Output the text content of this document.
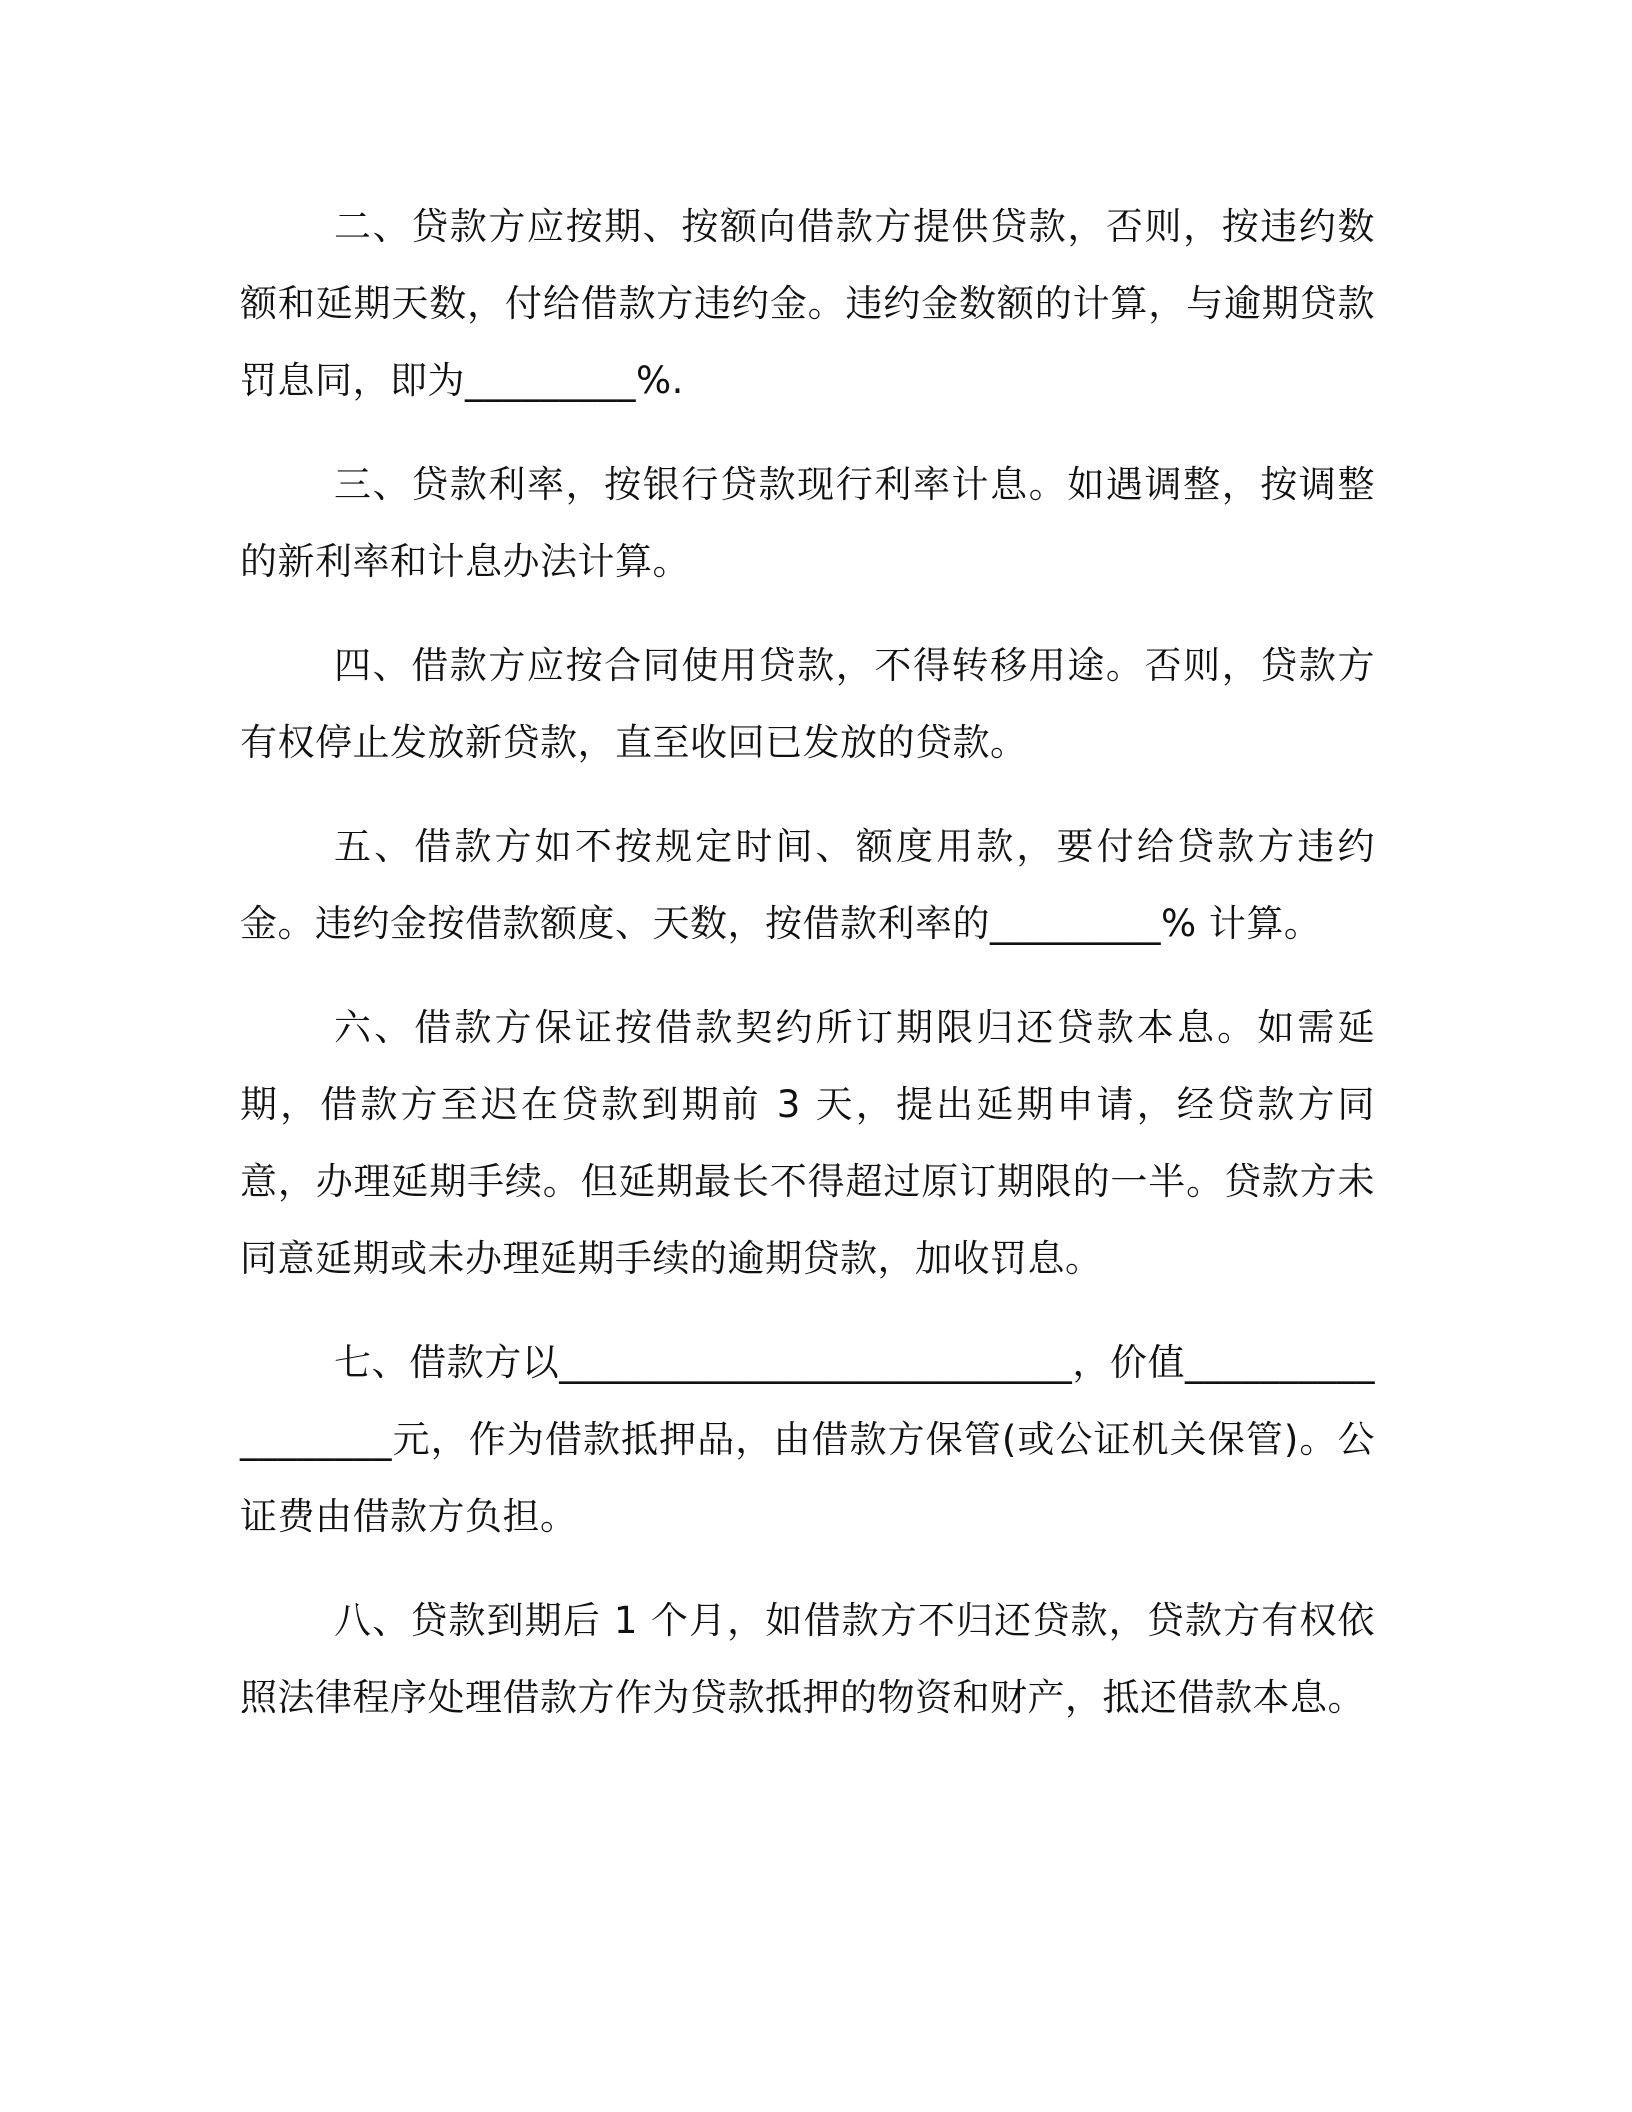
二、贷款方应按期、按额向借款方提供贷款，否则，按违约数额和延期天数，付给借款方违约金。违约金数额的计算，与逾期贷款罚息同，即为_________%.

三、贷款利率，按银行贷款现行利率计息。如遇调整，按调整的新利率和计息办法计算。

四、借款方应按合同使用贷款，不得转移用途。否则，贷款方有权停止发放新贷款，直至收回已发放的贷款。

五、借款方如不按规定时间、额度用款，要付给贷款方违约金。违约金按借款额度、天数，按借款利率的_________% 计算。

六、借款方保证按借款契约所订期限归还贷款本息。如需延期，借款方至迟在贷款到期前 3 天，提出延期申请，经贷款方同意，办理延期手续。但延期最长不得超过原订期限的一半。贷款方未同意延期或未办理延期手续的逾期贷款，加收罚息。

七、借款方以___________________________，价值__________________元，作为借款抵押品，由借款方保管(或公证机关保管)。公证费由借款方负担。

八、贷款到期后 1 个月，如借款方不归还贷款，贷款方有权依照法律程序处理借款方作为贷款抵押的物资和财产，抵还借款本息。
